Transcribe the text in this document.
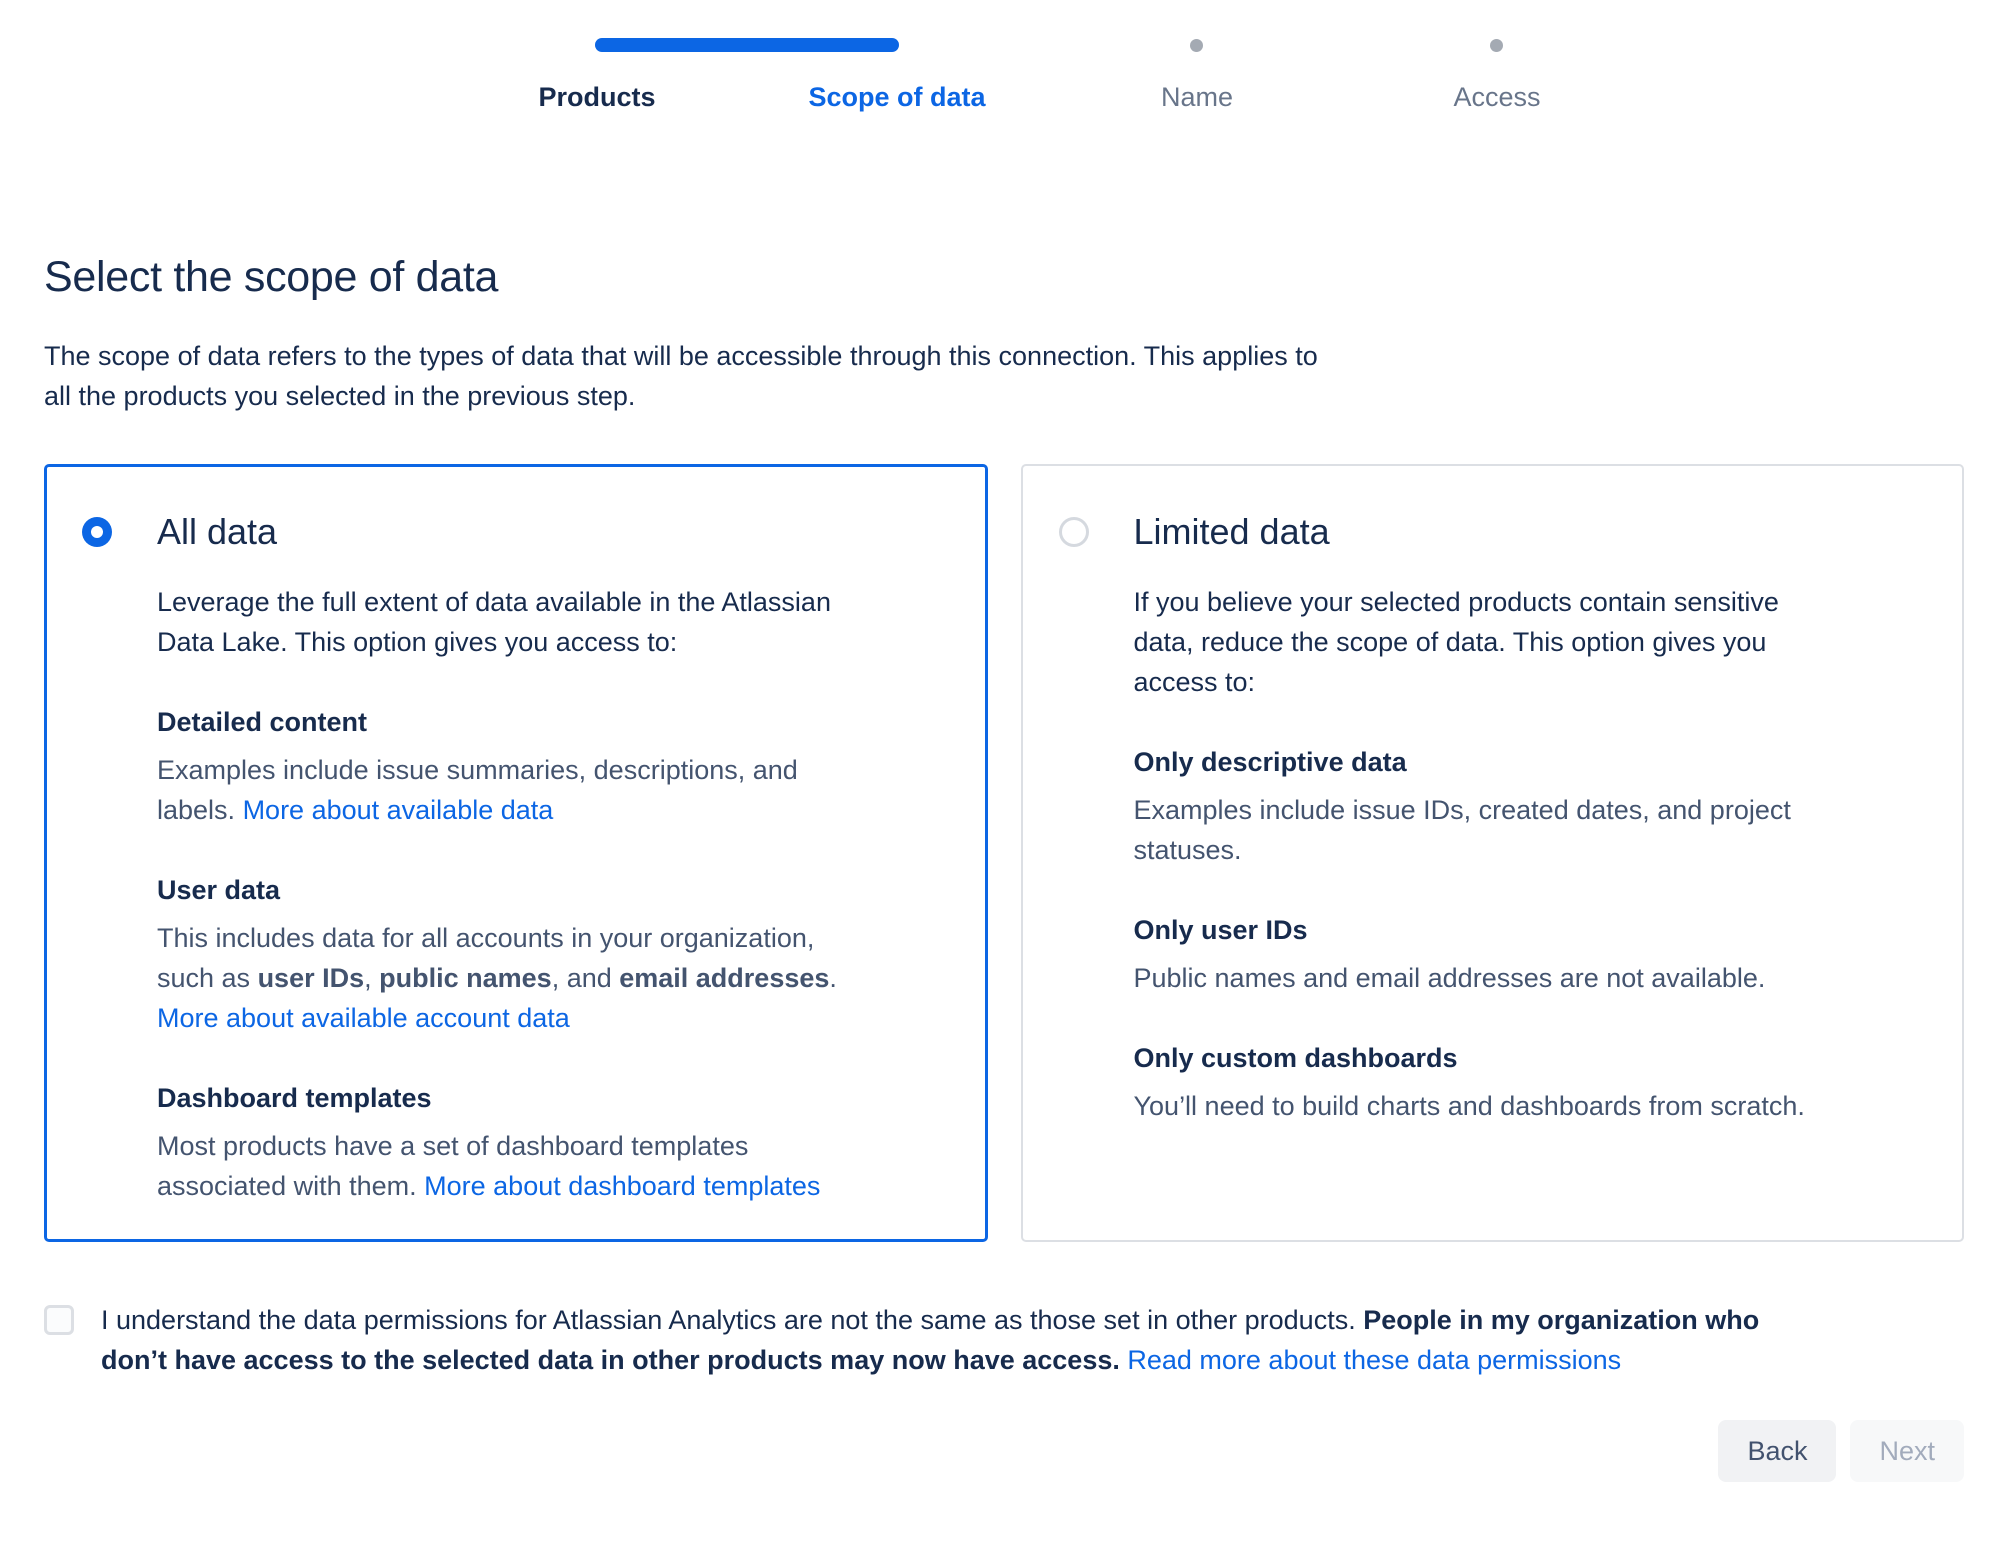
Products	Scope of data	Name	Access
Select the scope of data

The scope of data refers to the types of data that will be accessible through this connection. This applies to
all the products you selected in the previous step.

All data

Leverage the full extent of data available in the Atlassian
Data Lake. This option gives you access to:

Detailed content
Examples include issue summaries, descriptions, and
labels. More about available data
User data
This includes data for all accounts in your organization,
such as user IDs, public names, and email addresses.
More about available account data
Dashboard templates
Most products have a set of dashboard templates
associated with them. More about dashboard templates
Limited data

If you believe your selected products contain sensitive
data, reduce the scope of data. This option gives you
access to:

Only descriptive data
Examples include issue IDs, created dates, and project
statuses.
Only user IDs
Public names and email addresses are not available.
Only custom dashboards
You’ll need to build charts and dashboards from scratch.
I understand the data permissions for Atlassian Analytics are not the same as those set in other products. People in my organization who
don’t have access to the selected data in other products may now have access. Read more about these data permissions
Back	Next
